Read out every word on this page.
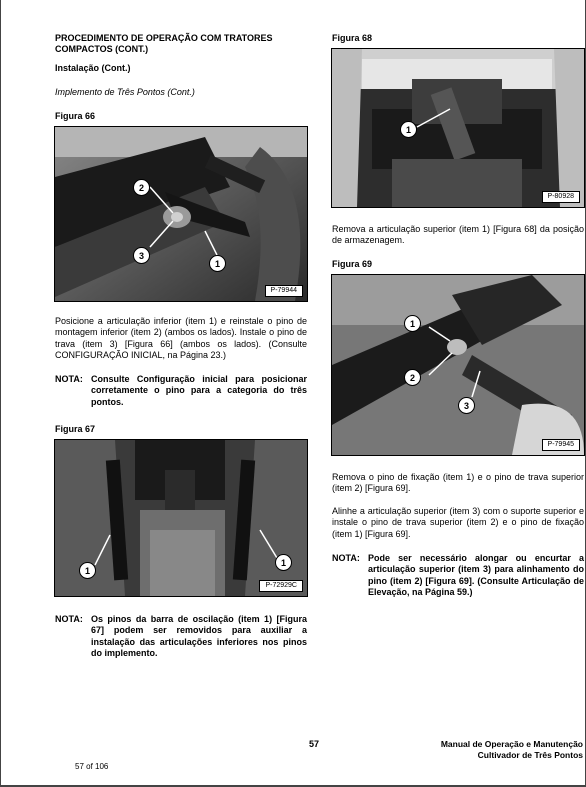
PROCEDIMENTO DE OPERAÇÃO COM TRATORES COMPACTOS (CONT.)
Instalação (Cont.)
Implemento de Três Pontos (Cont.)
Figura 66
2
3
1
P-79944
Posicione a articulação inferior (item 1) e reinstale o pino de montagem inferior (item 2) (ambos os lados). Instale o pino de trava (item 3) [Figura 66] (ambos os lados). (Consulte CONFIGURAÇÃO INICIAL, na Página 23.)
NOTA: Consulte Configuração inicial para posicionar corretamente o pino para a categoria do três pontos.
Figura 67
1
1
P-72929C
NOTA: Os pinos da barra de oscilação (item 1) [Figura 67] podem ser removidos para auxiliar a instalação das articulações inferiores nos pinos do implemento.
Figura 68
1
P-80928
Remova a articulação superior (item 1) [Figura 68] da posição de armazenagem.
Figura 69
1
2
3
P-79945
Remova o pino de fixação (item 1) e o pino de trava superior (item 2) [Figura 69].
Alinhe a articulação superior (item 3) com o suporte superior e instale o pino de trava superior (item 2) e o pino de fixação (item 1) [Figura 69].
NOTA: Pode ser necessário alongar ou encurtar a articulação superior (item 3) para alinhamento do pino (item 2) [Figura 69]. (Consulte Articulação de Elevação, na Página 59.)
57	Manual de Operação e Manutenção
Cultivador de Três Pontos
57 of 106
